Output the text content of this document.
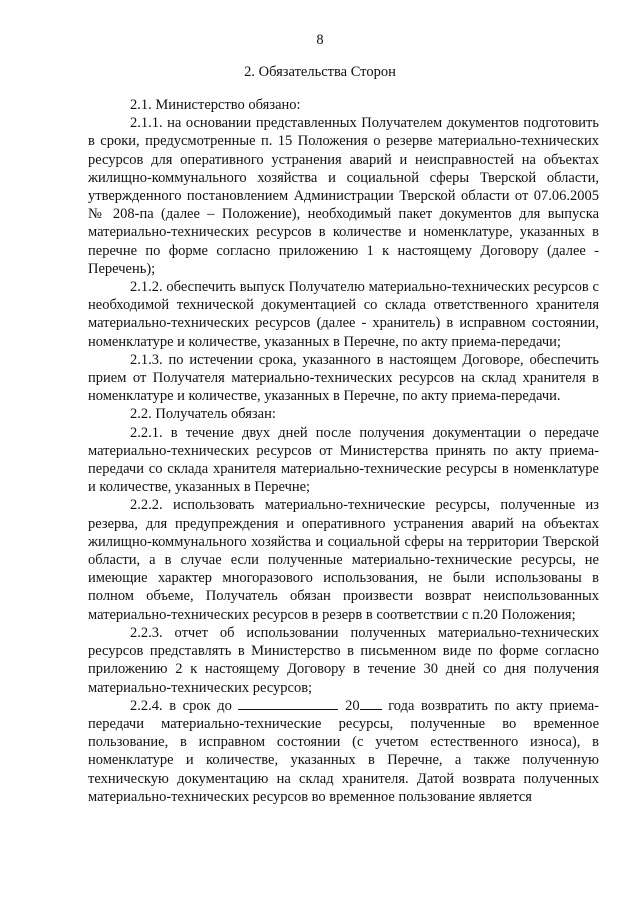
8
2. Обязательства Сторон

2.1. Министерство обязано:

2.1.1. на основании представленных Получателем документов подготовить в сроки, предусмотренные п. 15 Положения о резерве материально-технических ресурсов для оперативного устранения аварий и неисправностей на объектах жилищно-коммунального хозяйства и социальной сферы Тверской области, утвержденного постановлением Администрации Тверской области от 07.06.2005 № 208-па (далее – Положение), необходимый пакет документов для выпуска материально-технических ресурсов в количестве и номенклатуре, указанных в перечне по форме согласно приложению 1 к настоящему Договору (далее - Перечень);

2.1.2. обеспечить выпуск Получателю материально-технических ресурсов с необходимой технической документацией со склада ответственного хранителя материально-технических ресурсов (далее - хранитель) в исправном состоянии, номенклатуре и количестве, указанных в Перечне, по акту приема-передачи;

2.1.3. по истечении срока, указанного в настоящем Договоре, обеспечить прием от Получателя материально-технических ресурсов на склад хранителя в номенклатуре и количестве, указанных в Перечне, по акту приема-передачи.

2.2. Получатель обязан:

2.2.1. в течение двух дней после получения документации о передаче материально-технических ресурсов от Министерства принять по акту приема-передачи со склада хранителя материально-технические ресурсы в номенклатуре и количестве, указанных в Перечне;

2.2.2. использовать материально-технические ресурсы, полученные из резерва, для предупреждения и оперативного устранения аварий на объектах жилищно-коммунального хозяйства и социальной сферы на территории Тверской области, а в случае если полученные материально-технические ресурсы, не имеющие характер многоразового использования, не были использованы в полном объеме, Получатель обязан произвести возврат неиспользованных материально-технических ресурсов в резерв в соответствии с п.20 Положения;

2.2.3. отчет об использовании полученных материально-технических ресурсов представлять в Министерство в письменном виде по форме согласно приложению 2 к настоящему Договору в течение 30 дней со дня получения материально-технических ресурсов;

2.2.4. в срок до	20 года возвратить по акту приема-передачи материально-технические ресурсы, полученные во временное пользование, в исправном состоянии (с учетом естественного износа), в номенклатуре и количестве, указанных в Перечне, а также полученную техническую документацию на склад хранителя. Датой возврата полученных материально-технических ресурсов во временное пользование является
